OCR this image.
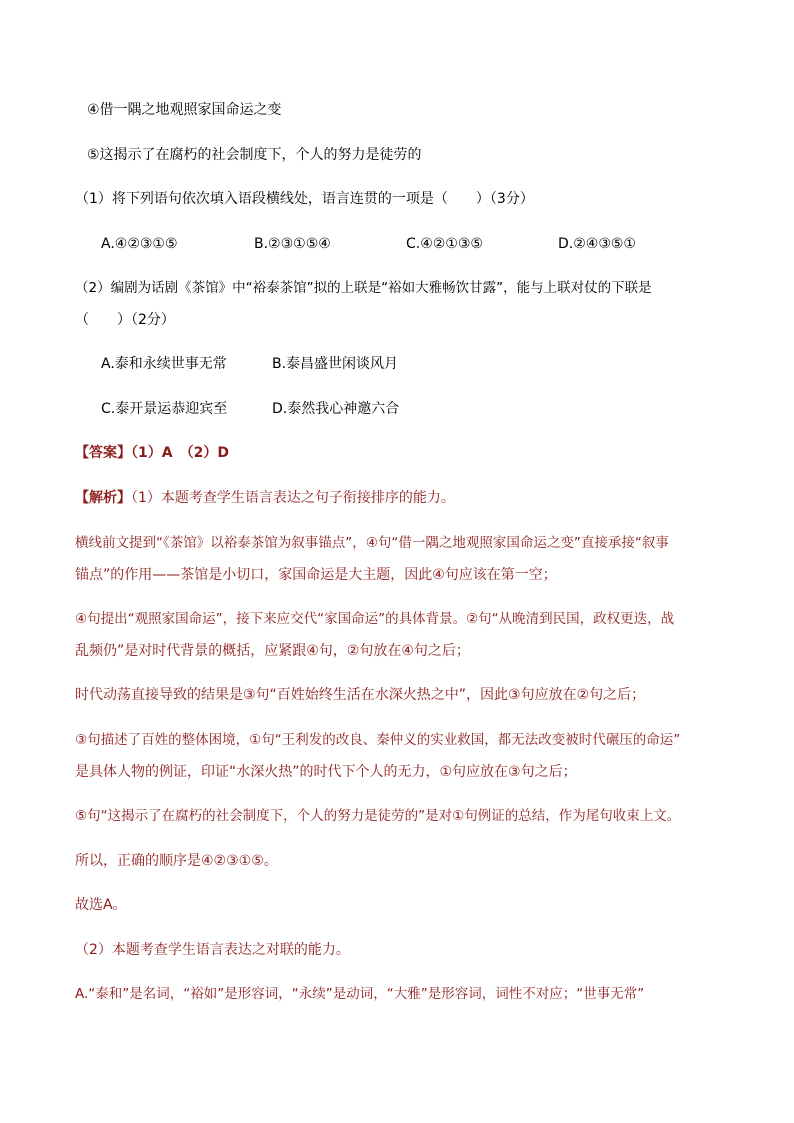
④借一隅之地观照家国命运之变
⑤这揭示了在腐朽的社会制度下，个人的努力是徒劳的
（1）将下列语句依次填入语段横线处，语言连贯的一项是（　　）（3分）
A.④②③①⑤	B.②③①⑤④	C.④②①③⑤	D.②④③⑤①
（2）编剧为话剧《茶馆》中“裕泰茶馆”拟的上联是“裕如大雅畅饮甘露”，能与上联对仗的下联是
（　　）（2分）
A.泰和永续世事无常	B.泰昌盛世闲谈风月
C.泰开景运恭迎宾至	D.泰然我心神邀六合
【答案】（1）A　（2）D
【解析】（1）本题考查学生语言表达之句子衔接排序的能力。
横线前文提到“《茶馆》以裕泰茶馆为叙事锚点”，④句“借一隅之地观照家国命运之变”直接承接“叙事
锚点”的作用——茶馆是小切口，家国命运是大主题，因此④句应该在第一空；
④句提出“观照家国命运”，接下来应交代“家国命运”的具体背景。②句“从晚清到民国，政权更迭，战
乱频仍”是对时代背景的概括，应紧跟④句，②句放在④句之后；
时代动荡直接导致的结果是③句“百姓始终生活在水深火热之中”，因此③句应放在②句之后；
③句描述了百姓的整体困境，①句“王利发的改良、秦仲义的实业救国，都无法改变被时代碾压的命运”
是具体人物的例证，印证“水深火热”的时代下个人的无力，①句应放在③句之后；
⑤句“这揭示了在腐朽的社会制度下，个人的努力是徒劳的”是对①句例证的总结，作为尾句收束上文。
所以，正确的顺序是④②③①⑤。
故选A。
（2）本题考查学生语言表达之对联的能力。
A.“泰和”是名词，“裕如”是形容词，“永续”是动词，“大雅”是形容词，词性不对应；“世事无常”
